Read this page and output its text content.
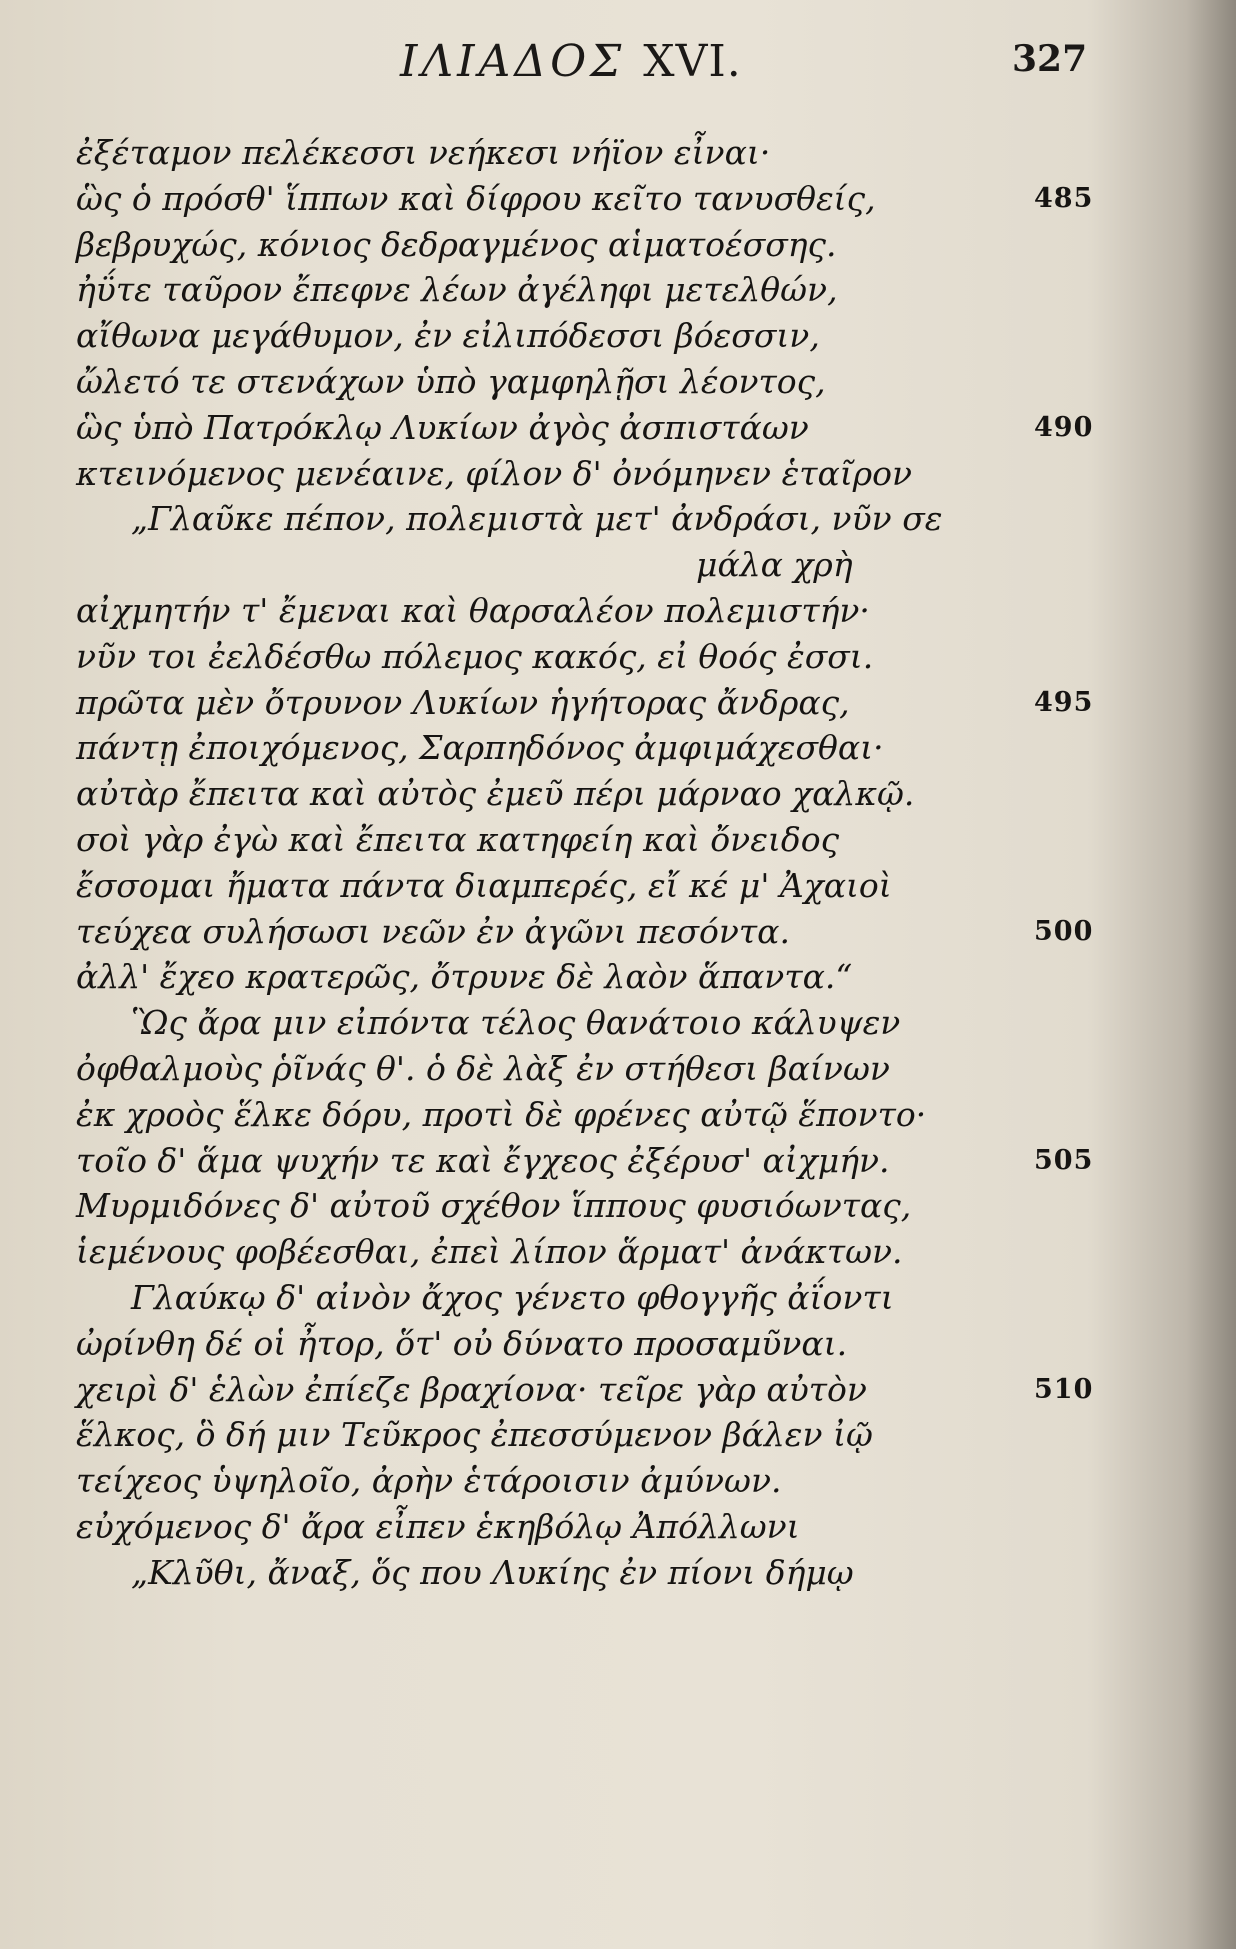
ΙΛΙΑΔΟΣ XVI.	327
ἐξέταμον πελέκεσσι νεήκεσι νήϊον εἶναι·
ὣς ὁ πρόσθ' ἵππων καὶ δίφρου κεῖτο τανυσθείς,	485
βεβρυχώς, κόνιος δεδραγμένος αἱματοέσσης.
ἠΰτε ταῦρον ἔπεφνε λέων ἀγέληφι μετελθών,
αἴθωνα μεγάθυμον, ἐν εἰλιπόδεσσι βόεσσιν,
ὤλετό τε στενάχων ὑπὸ γαμφηλῇσι λέοντος,
ὣς ὑπὸ Πατρόκλῳ Λυκίων ἀγὸς ἀσπιστάων	490
κτεινόμενος μενέαινε, φίλον δ' ὀνόμηνεν ἑταῖρον
„Γλαῦκε πέπον, πολεμιστὰ μετ' ἀνδράσι, νῦν σε
μάλα χρὴ
αἰχμητήν τ' ἔμεναι καὶ θαρσαλέον πολεμιστήν·
νῦν τοι ἐελδέσθω πόλεμος κακός, εἰ θοός ἐσσι.
πρῶτα μὲν ὄτρυνον Λυκίων ἡγήτορας ἄνδρας,	495
πάντῃ ἐποιχόμενος, Σαρπηδόνος ἀμφιμάχεσθαι·
αὐτὰρ ἔπειτα καὶ αὐτὸς ἐμεῦ πέρι μάρναο χαλκῷ.
σοὶ γὰρ ἐγὼ καὶ ἔπειτα κατηφείη καὶ ὄνειδος
ἔσσομαι ἤματα πάντα διαμπερές, εἴ κέ μ' Ἀχαιοὶ
τεύχεα συλήσωσι νεῶν ἐν ἀγῶνι πεσόντα.	500
ἀλλ' ἔχεο κρατερῶς, ὄτρυνε δὲ λαὸν ἅπαντα.“
Ὣς ἄρα μιν εἰπόντα τέλος θανάτοιο κάλυψεν
ὀφθαλμοὺς ῥῖνάς θ'. ὁ δὲ λὰξ ἐν στήθεσι βαίνων
ἐκ χροὸς ἕλκε δόρυ, προτὶ δὲ φρένες αὐτῷ ἕποντο·
τοῖο δ' ἅμα ψυχήν τε καὶ ἔγχεος ἐξέρυσ' αἰχμήν.	505
Μυρμιδόνες δ' αὐτοῦ σχέθον ἵππους φυσιόωντας,
ἱεμένους φοβέεσθαι, ἐπεὶ λίπον ἅρματ' ἀνάκτων.
Γλαύκῳ δ' αἰνὸν ἄχος γένετο φθογγῆς ἀΐοντι
ὠρίνθη δέ οἱ ἦτορ, ὅτ' οὐ δύνατο προσαμῦναι.
χειρὶ δ' ἑλὼν ἐπίεζε βραχίονα· τεῖρε γὰρ αὐτὸν	510
ἕλκος, ὃ δή μιν Τεῦκρος ἐπεσσύμενον βάλεν ἰῷ
τείχεος ὑψηλοῖο, ἀρὴν ἑτάροισιν ἀμύνων.
εὐχόμενος δ' ἄρα εἶπεν ἑκηβόλῳ Ἀπόλλωνι
„Κλῦθι, ἄναξ, ὅς που Λυκίης ἐν πίονι δήμῳ
